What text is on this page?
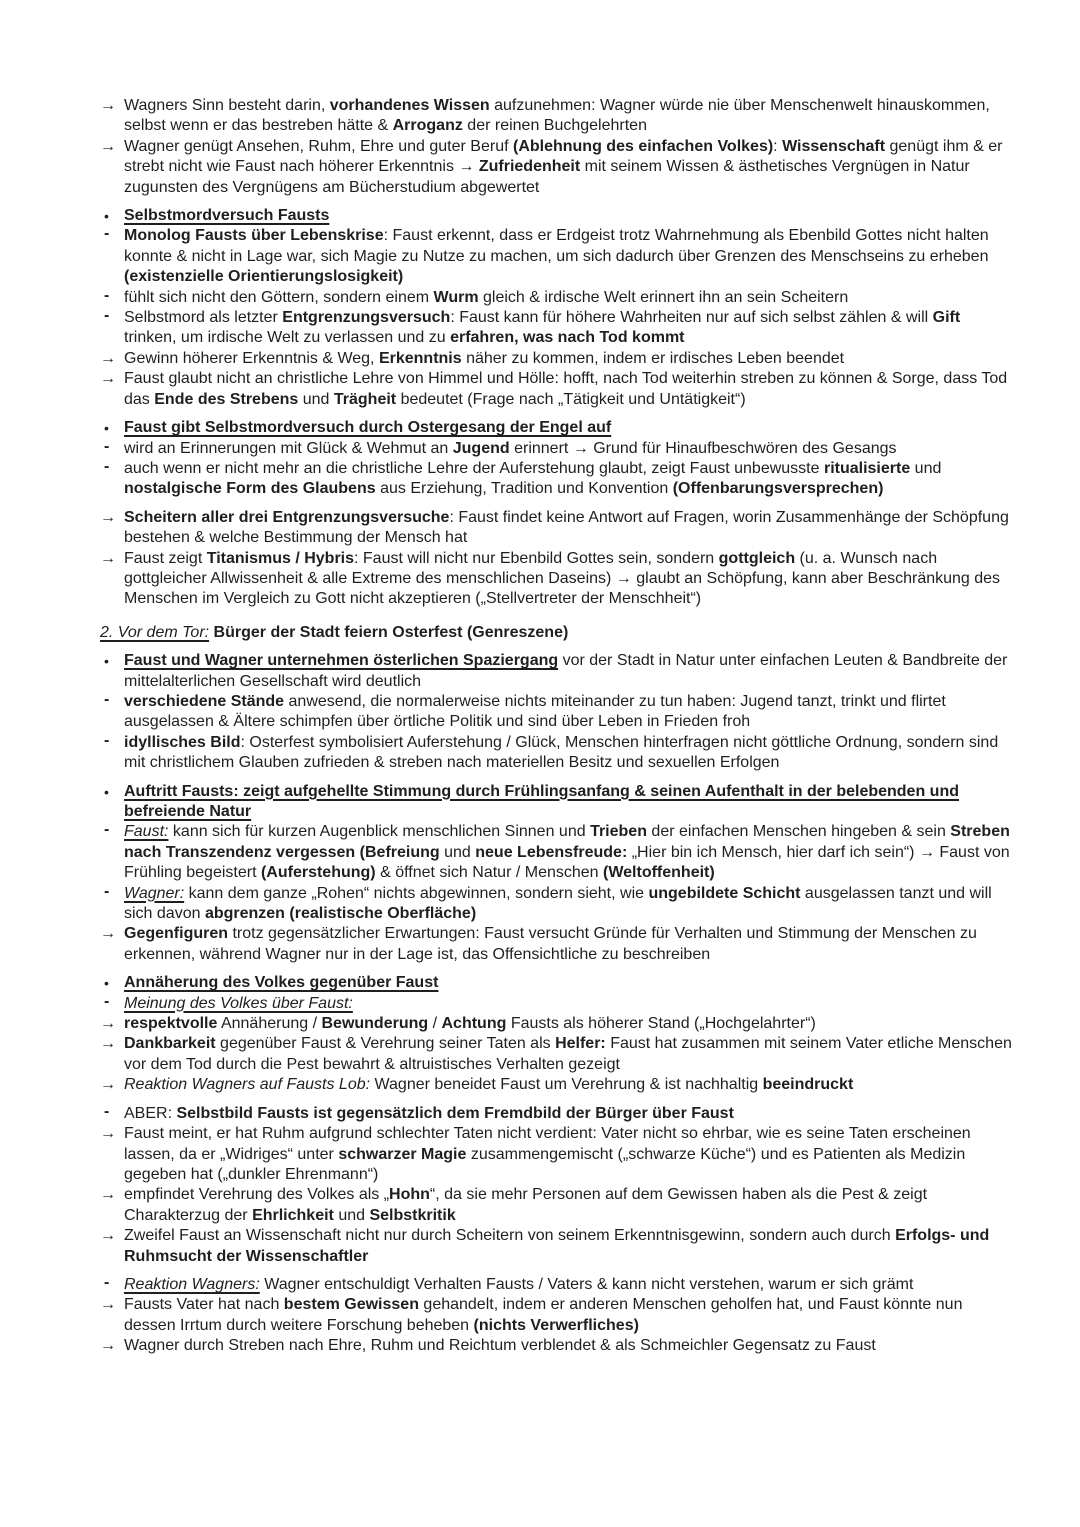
→ Wagners Sinn besteht darin, vorhandenes Wissen aufzunehmen: Wagner würde nie über Menschenwelt hinauskommen, selbst wenn er das bestreben hätte & Arroganz der reinen Buchgelehrten
→ Wagner genügt Ansehen, Ruhm, Ehre und guter Beruf (Ablehnung des einfachen Volkes): Wissenschaft genügt ihm & er strebt nicht wie Faust nach höherer Erkenntnis → Zufriedenheit mit seinem Wissen & ästhetisches Vergnügen in Natur zugunsten des Vergnügens am Bücherstudium abgewertet
• Selbstmordversuch Fausts
- Monolog Fausts über Lebenskrise: Faust erkennt, dass er Erdgeist trotz Wahrnehmung als Ebenbild Gottes nicht halten konnte & nicht in Lage war, sich Magie zu Nutze zu machen, um sich dadurch über Grenzen des Menschseins zu erheben (existenzielle Orientierungslosigkeit)
- fühlt sich nicht den Göttern, sondern einem Wurm gleich & irdische Welt erinnert ihn an sein Scheitern
- Selbstmord als letzter Entgrenzungsversuch: Faust kann für höhere Wahrheiten nur auf sich selbst zählen & will Gift trinken, um irdische Welt zu verlassen und zu erfahren, was nach Tod kommt
→ Gewinn höherer Erkenntnis & Weg, Erkenntnis näher zu kommen, indem er irdisches Leben beendet
→ Faust glaubt nicht an christliche Lehre von Himmel und Hölle: hofft, nach Tod weiterhin streben zu können & Sorge, dass Tod das Ende des Strebens und Trägheit bedeutet (Frage nach „Tätigkeit und Untätigkeit“)
• Faust gibt Selbstmordversuch durch Ostergesang der Engel auf
- wird an Erinnerungen mit Glück & Wehmut an Jugend erinnert → Grund für Hinaufbeschwören des Gesangs
- auch wenn er nicht mehr an die christliche Lehre der Auferstehung glaubt, zeigt Faust unbewusste ritualisierte und nostalgische Form des Glaubens aus Erziehung, Tradition und Konvention (Offenbarungsversprechen)
→ Scheitern aller drei Entgrenzungsversuche: Faust findet keine Antwort auf Fragen, worin Zusammenhänge der Schöpfung bestehen & welche Bestimmung der Mensch hat
→ Faust zeigt Titanismus / Hybris: Faust will nicht nur Ebenbild Gottes sein, sondern gottgleich (u. a. Wunsch nach gottgleicher Allwissenheit & alle Extreme des menschlichen Daseins) → glaubt an Schöpfung, kann aber Beschränkung des Menschen im Vergleich zu Gott nicht akzeptieren („Stellvertreter der Menschheit“)
2. Vor dem Tor: Bürger der Stadt feiern Osterfest (Genreszene)
• Faust und Wagner unternehmen österlichen Spaziergang vor der Stadt in Natur unter einfachen Leuten & Bandbreite der mittelalterlichen Gesellschaft wird deutlich
- verschiedene Stände anwesend, die normalerweise nichts miteinander zu tun haben: Jugend tanzt, trinkt und flirtet ausgelassen & Ältere schimpfen über örtliche Politik und sind über Leben in Frieden froh
- idyllisches Bild: Osterfest symbolisiert Auferstehung / Glück, Menschen hinterfragen nicht göttliche Ordnung, sondern sind mit christlichem Glauben zufrieden & streben nach materiellen Besitz und sexuellen Erfolgen
• Auftritt Fausts: zeigt aufgehellte Stimmung durch Frühlingsanfang & seinen Aufenthalt in der belebenden und befreiende Natur
- Faust: kann sich für kurzen Augenblick menschlichen Sinnen und Trieben der einfachen Menschen hingeben & sein Streben nach Transzendenz vergessen (Befreiung und neue Lebensfreude: „Hier bin ich Mensch, hier darf ich sein“) → Faust von Frühling begeistert (Auferstehung) & öffnet sich Natur / Menschen (Weltoffenheit)
- Wagner: kann dem ganze „Rohen“ nichts abgewinnen, sondern sieht, wie ungebildete Schicht ausgelassen tanzt und will sich davon abgrenzen (realistische Oberfläche)
→ Gegenfiguren trotz gegensätzlicher Erwartungen: Faust versucht Gründe für Verhalten und Stimmung der Menschen zu erkennen, während Wagner nur in der Lage ist, das Offensichtliche zu beschreiben
• Annäherung des Volkes gegenüber Faust
- Meinung des Volkes über Faust:
→ respektvolle Annäherung / Bewunderung / Achtung Fausts als höherer Stand („Hochgelahrter“)
→ Dankbarkeit gegenüber Faust & Verehrung seiner Taten als Helfer: Faust hat zusammen mit seinem Vater etliche Menschen vor dem Tod durch die Pest bewahrt & altruistisches Verhalten gezeigt
→ Reaktion Wagners auf Fausts Lob: Wagner beneidet Faust um Verehrung & ist nachhaltig beeindruckt
- ABER: Selbstbild Fausts ist gegensätzlich dem Fremdbild der Bürger über Faust
→ Faust meint, er hat Ruhm aufgrund schlechter Taten nicht verdient: Vater nicht so ehrbar, wie es seine Taten erscheinen lassen, da er „Widriges“ unter schwarzer Magie zusammengemischt („schwarze Küche“) und es Patienten als Medizin gegeben hat („dunkler Ehrenmann“)
→ empfindet Verehrung des Volkes als „Hohn“, da sie mehr Personen auf dem Gewissen haben als die Pest & zeigt Charakterzug der Ehrlichkeit und Selbstkritik
→ Zweifel Faust an Wissenschaft nicht nur durch Scheitern von seinem Erkenntnisgewinn, sondern auch durch Erfolgs- und Ruhmsucht der Wissenschaftler
- Reaktion Wagners: Wagner entschuldigt Verhalten Fausts / Vaters & kann nicht verstehen, warum er sich grämt
→ Fausts Vater hat nach bestem Gewissen gehandelt, indem er anderen Menschen geholfen hat, und Faust könnte nun dessen Irrtum durch weitere Forschung beheben (nichts Verwerfliches)
→ Wagner durch Streben nach Ehre, Ruhm und Reichtum verblendet & als Schmeichler Gegensatz zu Faust
